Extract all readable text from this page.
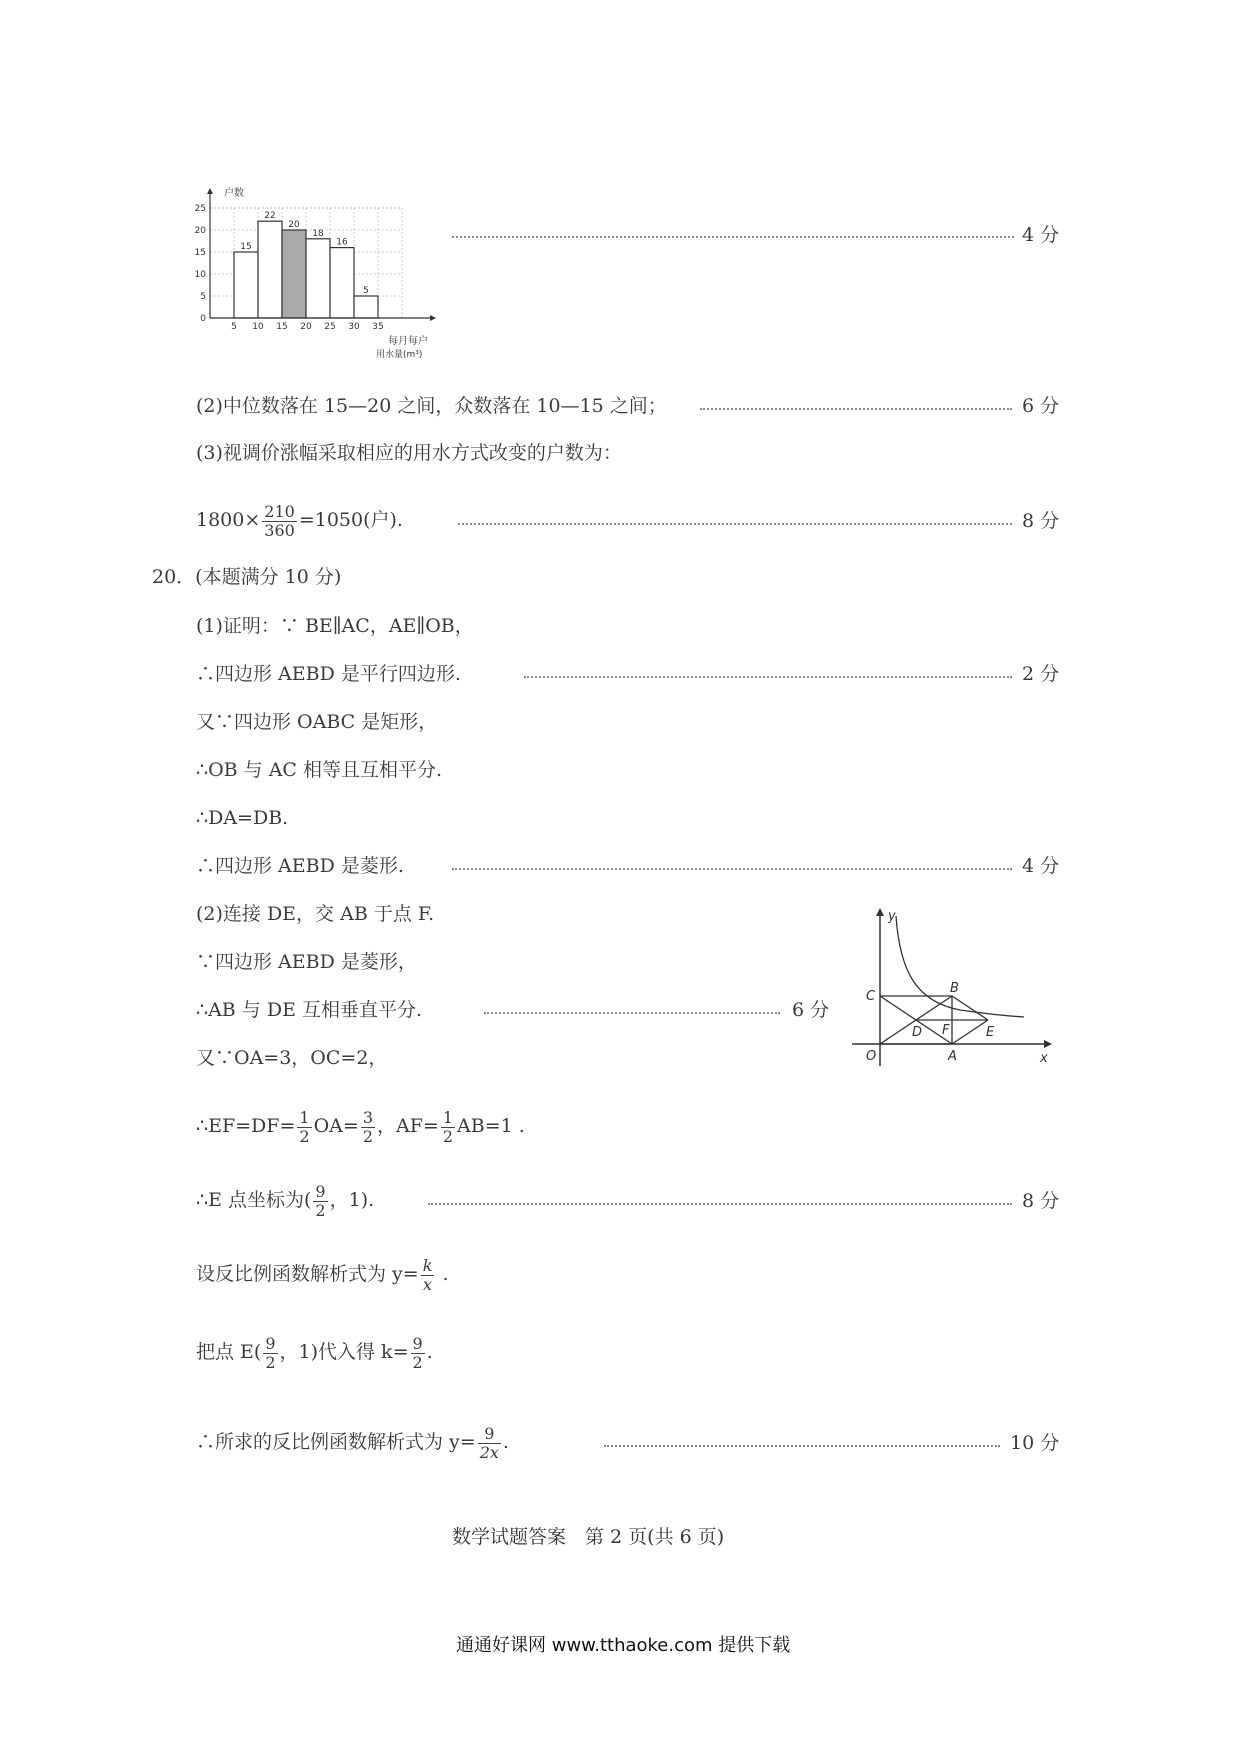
15
22
20
18
16
5
0
5
10
15
20
25
5 10 15 20 25 30 35
户数
每月每户
用水量(m³)
4 分
(2)中位数落在 15—20 之间，众数落在 10—15 之间；	6 分
(3)视调价涨幅采取相应的用水方式改变的户数为：
$1800\times \frac{210}{360} =1050$(户).	8 分
20．(本题满分 10 分)
(1)证明：∵ BE∥AC，AE∥OB，
∴四边形 AEBD 是平行四边形.	2 分
又∵四边形 OABC 是矩形，
∴OB 与 AC 相等且互相平分.
∴DA=DB.
∴四边形 AEBD 是菱形.	4 分
(2)连接 DE，交 AB 于点 F.
∵四边形 AEBD 是菱形，
∴AB 与 DE 互相垂直平分.	6 分
又∵OA=3，OC=2，
y
x
O	A
B
C
D	E
F
∴EF=DF= $\frac{1}{2} OA= \frac{3}{2}$ ，$AF= \frac{1}{2} AB=1$ .
∴E 点坐标为( $\frac{9}{2}$ ，1).	8 分
设反比例函数解析式为 $y= \frac{k}{x}$ .
把点 $E( \frac{9}{2}$ ，1)代入得 $k= \frac{9}{2}$ .
∴所求的反比例函数解析式为 $y= \frac{9}{2x}$ .	10 分
数学试题答案　第 2 页(共 6 页)
通通好课网 www.tthaoke.com 提供下载
